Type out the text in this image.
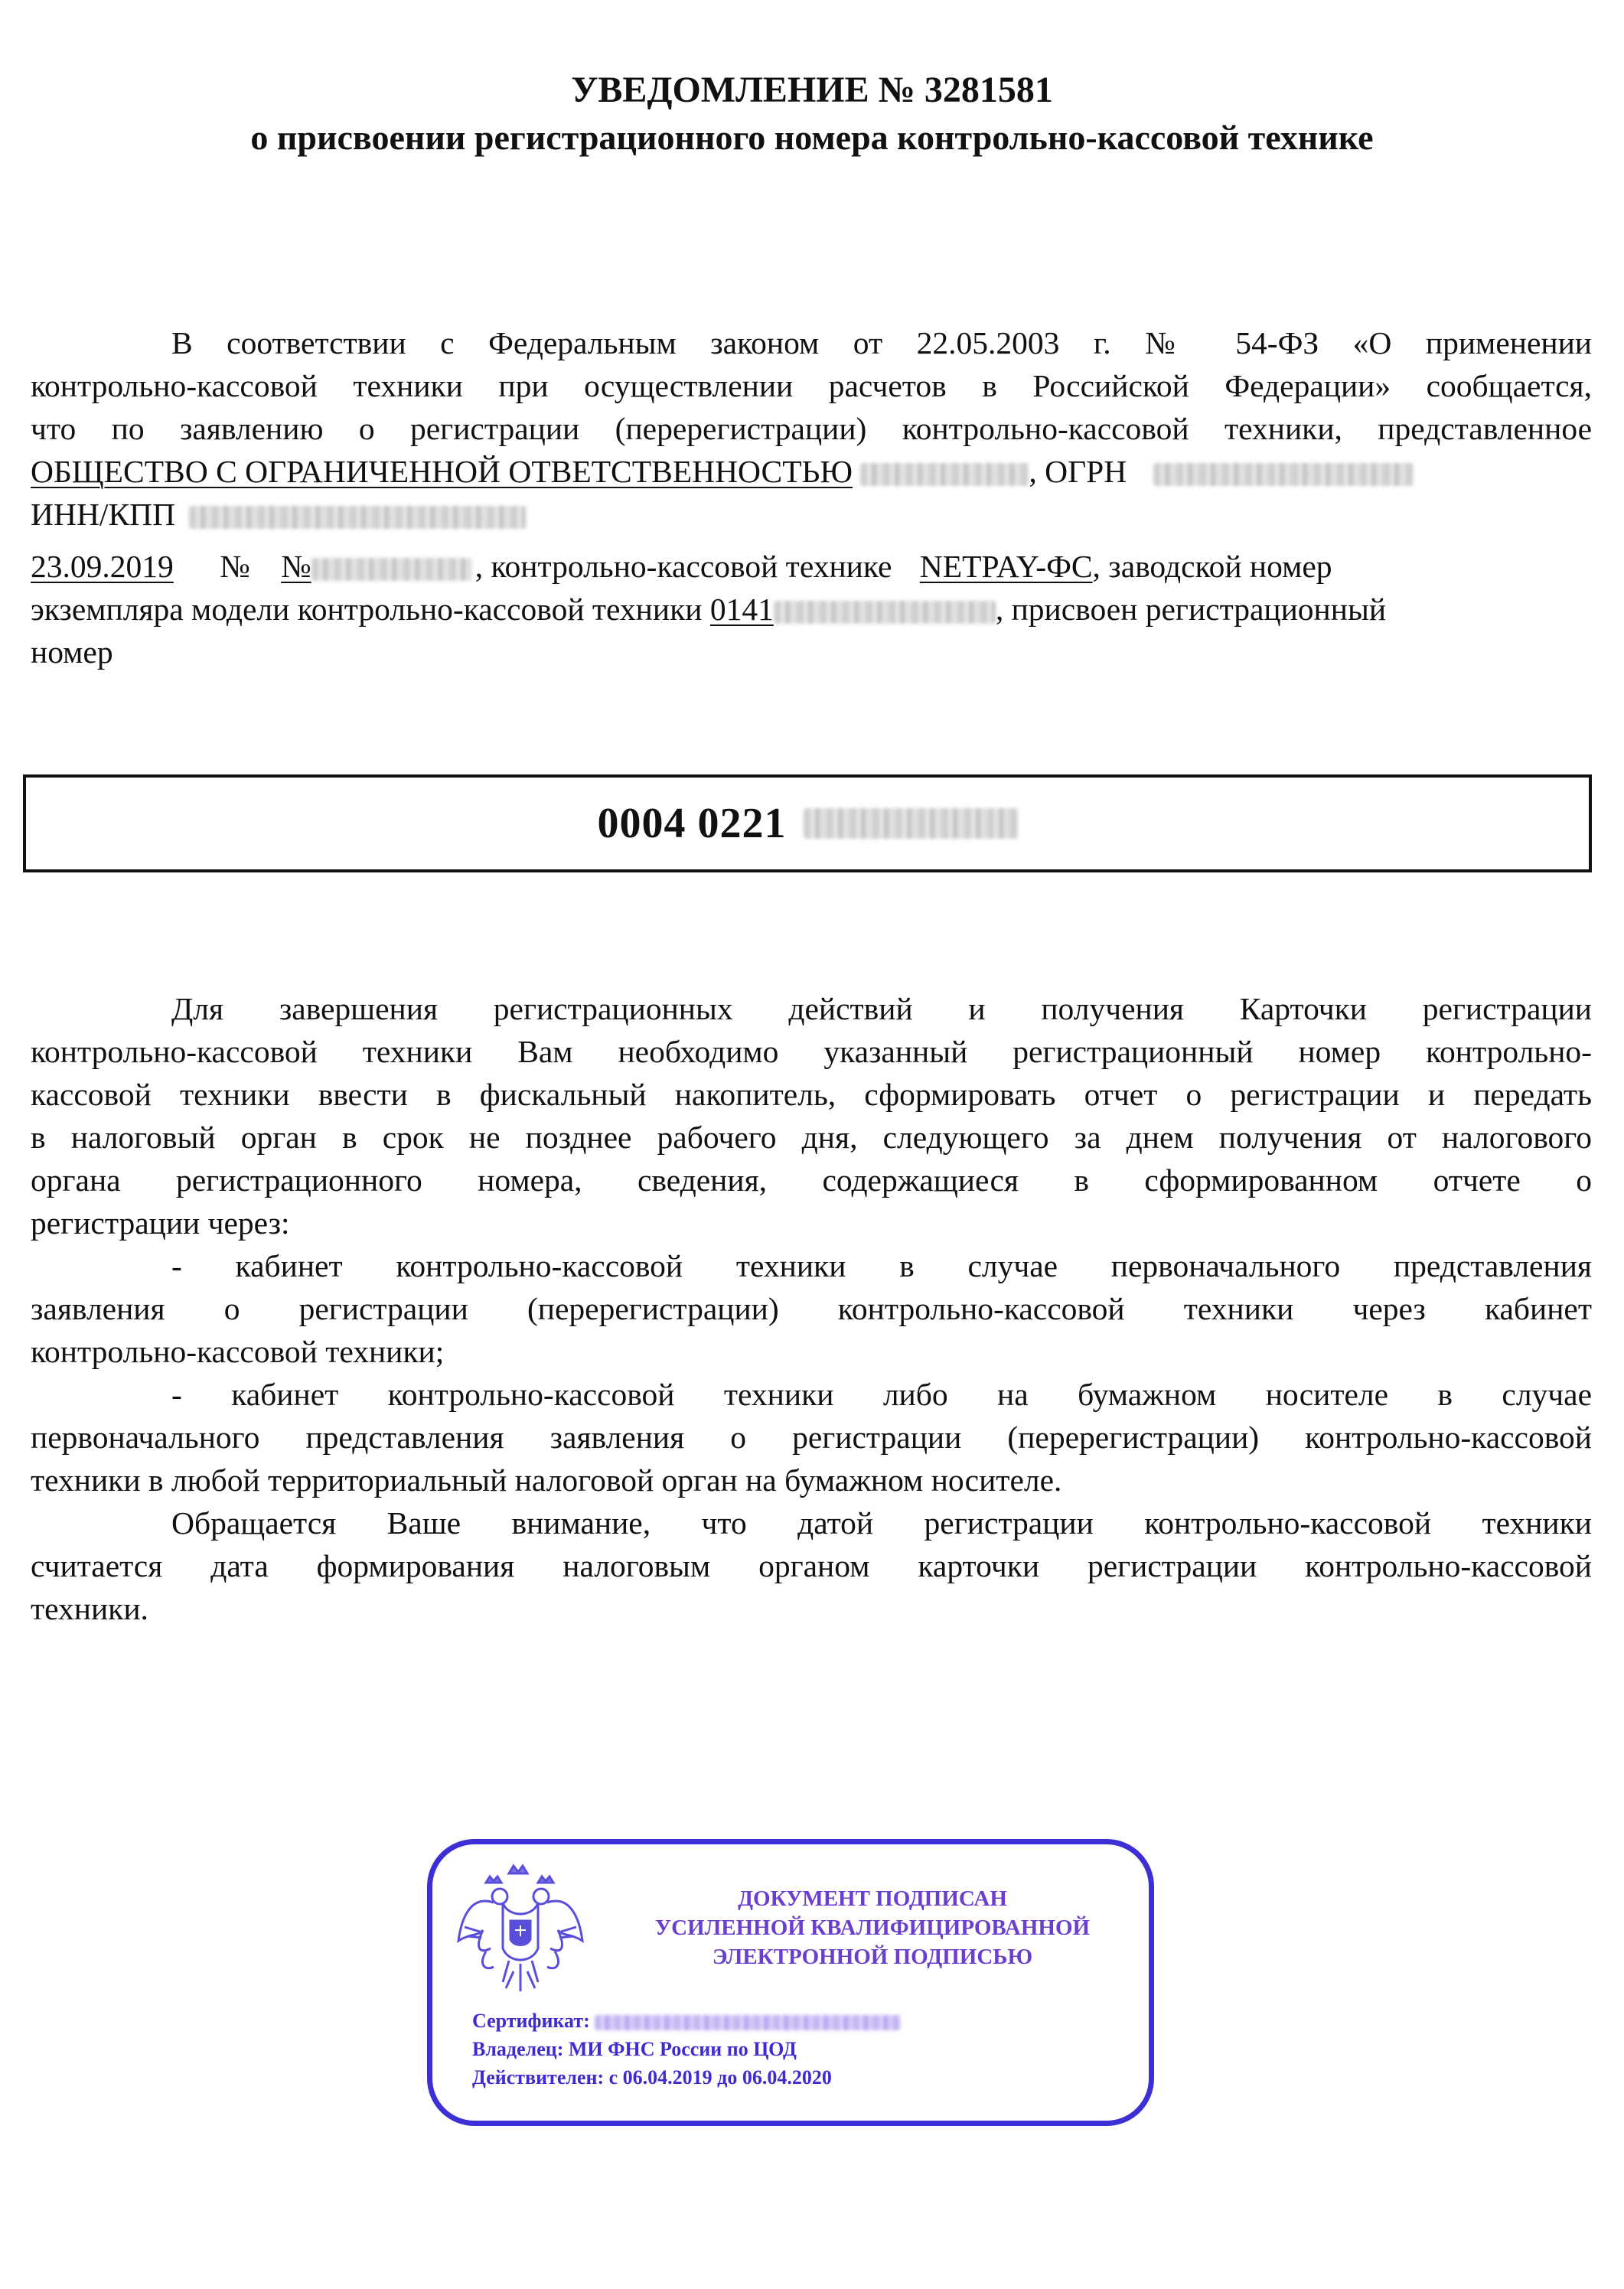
УВЕДОМЛЕНИЕ № 3281581
о присвоении регистрационного номера контрольно-кассовой технике
В соответствии с Федеральным законом от 22.05.2003 г. № 54-ФЗ «О применении
контрольно-кассовой техники при осуществлении расчетов в Российской Федерации» сообщается,
что по заявлению о регистрации (перерегистрации) контрольно-кассовой техники, представленное
ОБЩЕСТВО С ОГРАНИЧЕННОЙ ОТВЕТСТВЕННОСТЬЮ	, ОГРН
ИНН/КПП
23.09.2019 № №	, контрольно-кассовой технике NETPAY-ФС, заводской номер
экземпляра модели контрольно-кассовой техники 0141	, присвоен регистрационный
номер
0004 0221
Для завершения регистрационных действий и получения Карточки регистрации
контрольно-кассовой техники Вам необходимо указанный регистрационный номер контрольно-
кассовой техники ввести в фискальный накопитель, сформировать отчет о регистрации и передать
в налоговый орган в срок не позднее рабочего дня, следующего за днем получения от налогового
органа регистрационного номера, сведения, содержащиеся в сформированном отчете о
регистрации через:
- кабинет контрольно-кассовой техники в случае первоначального представления
заявления о регистрации (перерегистрации) контрольно-кассовой техники через кабинет
контрольно-кассовой техники;
- кабинет контрольно-кассовой техники либо на бумажном носителе в случае
первоначального представления заявления о регистрации (перерегистрации) контрольно-кассовой
техники в любой территориальный налоговой орган на бумажном носителе.
Обращается Ваше внимание, что датой регистрации контрольно-кассовой техники
считается дата формирования налоговым органом карточки регистрации контрольно-кассовой
техники.
ДОКУМЕНТ ПОДПИСАН
УСИЛЕННОЙ КВАЛИФИЦИРОВАННОЙ
ЭЛЕКТРОННОЙ ПОДПИСЬЮ
Сертификат:
Владелец: МИ ФНС России по ЦОД
Действителен: с 06.04.2019 до 06.04.2020
